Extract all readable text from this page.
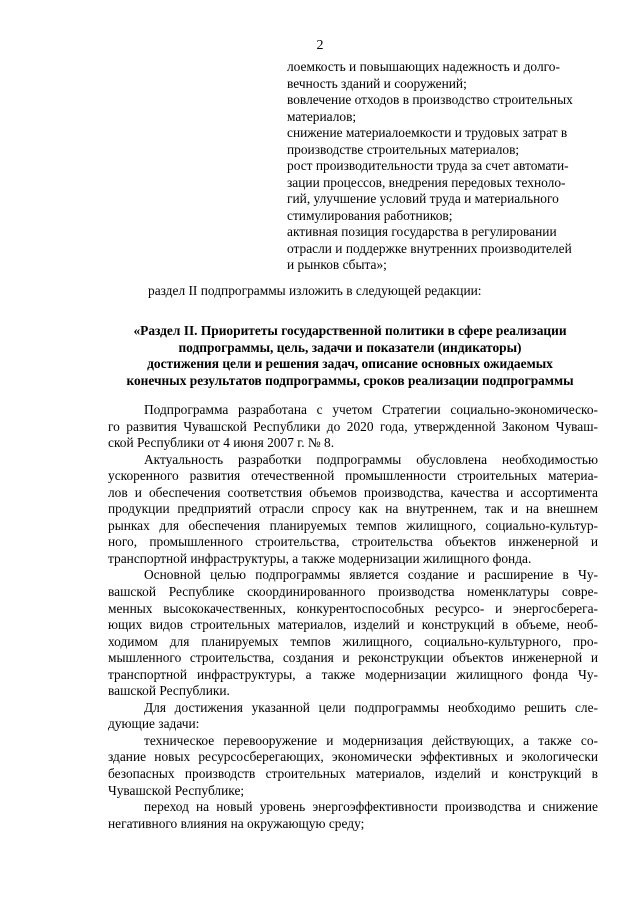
2

лоемкость и повышающих надежность и долго-

вечность зданий и сооружений;

вовлечение отходов в производство строительных

материалов;

снижение материалоемкости и трудовых затрат в

производстве строительных материалов;

рост производительности труда за счет автомати-

зации процессов, внедрения передовых техноло-

гий, улучшение условий труда и материального

стимулирования работников;

активная позиция государства в регулировании

отрасли и поддержке внутренних производителей

и рынков сбыта»;

раздел II подпрограммы изложить в следующей редакции:

«Раздел II. Приоритеты государственной политики в сфере реализации

подпрограммы, цель, задачи и показатели (индикаторы)

достижения цели и решения задач, описание основных ожидаемых

конечных результатов подпрограммы, сроков реализации подпрограммы

Подпрограмма разработана с учетом Стратегии социально-экономическо-
го развития Чувашской Республики до 2020 года, утвержденной Законом Чуваш-
ской Республики от 4 июня 2007 г. № 8.
Актуальность разработки подпрограммы обусловлена необходимостью
ускоренного развития отечественной промышленности строительных материа-
лов и обеспечения соответствия объемов производства, качества и ассортимента
продукции предприятий отрасли спросу как на внутреннем, так и на внешнем
рынках для обеспечения планируемых темпов жилищного, социально-культур-
ного, промышленного строительства, строительства объектов инженерной и
транспортной инфраструктуры, а также модернизации жилищного фонда.
Основной целью подпрограммы является создание и расширение в Чу-
вашской Республике скоординированного производства номенклатуры совре-
менных высококачественных, конкурентоспособных ресурсо- и энергосберега-
ющих видов строительных материалов, изделий и конструкций в объеме, необ-
ходимом для планируемых темпов жилищного, социально-культурного, про-
мышленного строительства, создания и реконструкции объектов инженерной и
транспортной инфраструктуры, а также модернизации жилищного фонда Чу-
вашской Республики.
Для достижения указанной цели подпрограммы необходимо решить сле-
дующие задачи:
техническое перевооружение и модернизация действующих, а также со-
здание новых ресурсосберегающих, экономически эффективных и экологически
безопасных производств строительных материалов, изделий и конструкций в
Чувашской Республике;
переход на новый уровень энергоэффективности производства и снижение
негативного влияния на окружающую среду;
